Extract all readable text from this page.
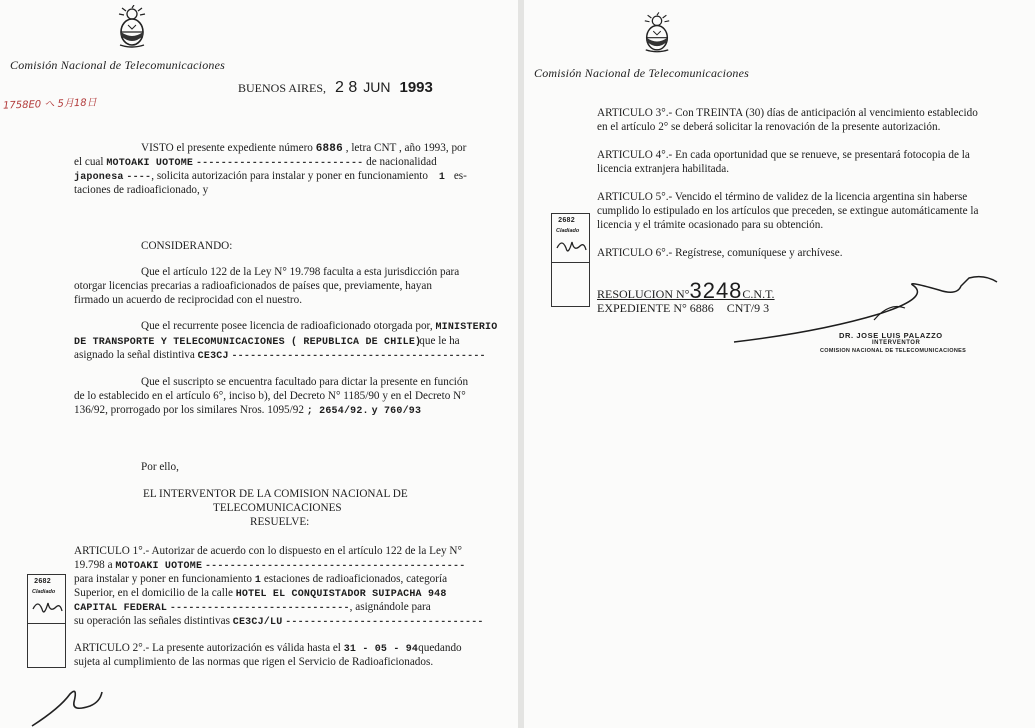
Comisión Nacional de Telecomunicaciones
1758E0 へ 5月18日
BUENOS AIRES, 2 8 JUN 1993
VISTO el presente expediente número 6886 , letra CNT , año 1993, por
el cual MOTOAKI UOTOME --------------------------- de nacionalidad
japonesa ----, solicita autorización para instalar y poner en funcionamiento 1 es-
taciones de radioaficionado, y
CONSIDERANDO:
Que el artículo 122 de la Ley N° 19.798 faculta a esta jurisdicción para
otorgar licencias precarias a radioaficionados de países que, previamente, hayan
firmado un acuerdo de reciprocidad con el nuestro.
Que el recurrente posee licencia de radioaficionado otorgada por, MINISTERIO
DE TRANSPORTE Y TELECOMUNICACIONES ( REPUBLICA DE CHILE)que le ha
asignado la señal distintiva CE3CJ -----------------------------------------
Que el suscripto se encuentra facultado para dictar la presente en función
de lo establecido en el artículo 6°, inciso b), del Decreto N° 1185/90 y en el Decreto N°
136/92, prorrogado por los similares Nros. 1095/92 ; 2654/92. y 760/93
Por ello,
EL INTERVENTOR DE LA COMISION NACIONAL DE
TELECOMUNICACIONES
RESUELVE:
ARTICULO 1°.- Autorizar de acuerdo con lo dispuesto en el artículo 122 de la Ley N°
19.798 a MOTOAKI UOTOME ------------------------------------------
para instalar y poner en funcionamiento 1 estaciones de radioaficionados, categoría
Superior, en el domicilio de la calle HOTEL EL CONQUISTADOR SUIPACHA 948
CAPITAL FEDERAL -----------------------------, asignándole para
su operación las señales distintivas CE3CJ/LU --------------------------------
ARTICULO 2°.- La presente autorización es válida hasta el 31 - 05 - 94quedando
sujeta al cumplimiento de las normas que rigen el Servicio de Radioaficionados.
2682
Cladiado
Comisión Nacional de Telecomunicaciones
ARTICULO 3°.- Con TREINTA (30) días de anticipación al vencimiento establecido
en el artículo 2° se deberá solicitar la renovación de la presente autorización.
ARTICULO 4°.- En cada oportunidad que se renueve, se presentará fotocopia de la
licencia extranjera habilitada.
ARTICULO 5°.- Vencido el término de validez de la licencia argentina sin haberse
cumplido lo estipulado en los artículos que preceden, se extingue automáticamente la
licencia y el trámite ocasionado para su obtención.
ARTICULO 6°.- Regístrese, comuníquese y archívese.
2682
Cladiado
RESOLUCION N°3248C.N.T.
EXPEDIENTE N° 6886 CNT/9 3
DR. JOSE LUIS PALAZZO
INTERVENTOR
COMISION NACIONAL DE TELECOMUNICACIONES
